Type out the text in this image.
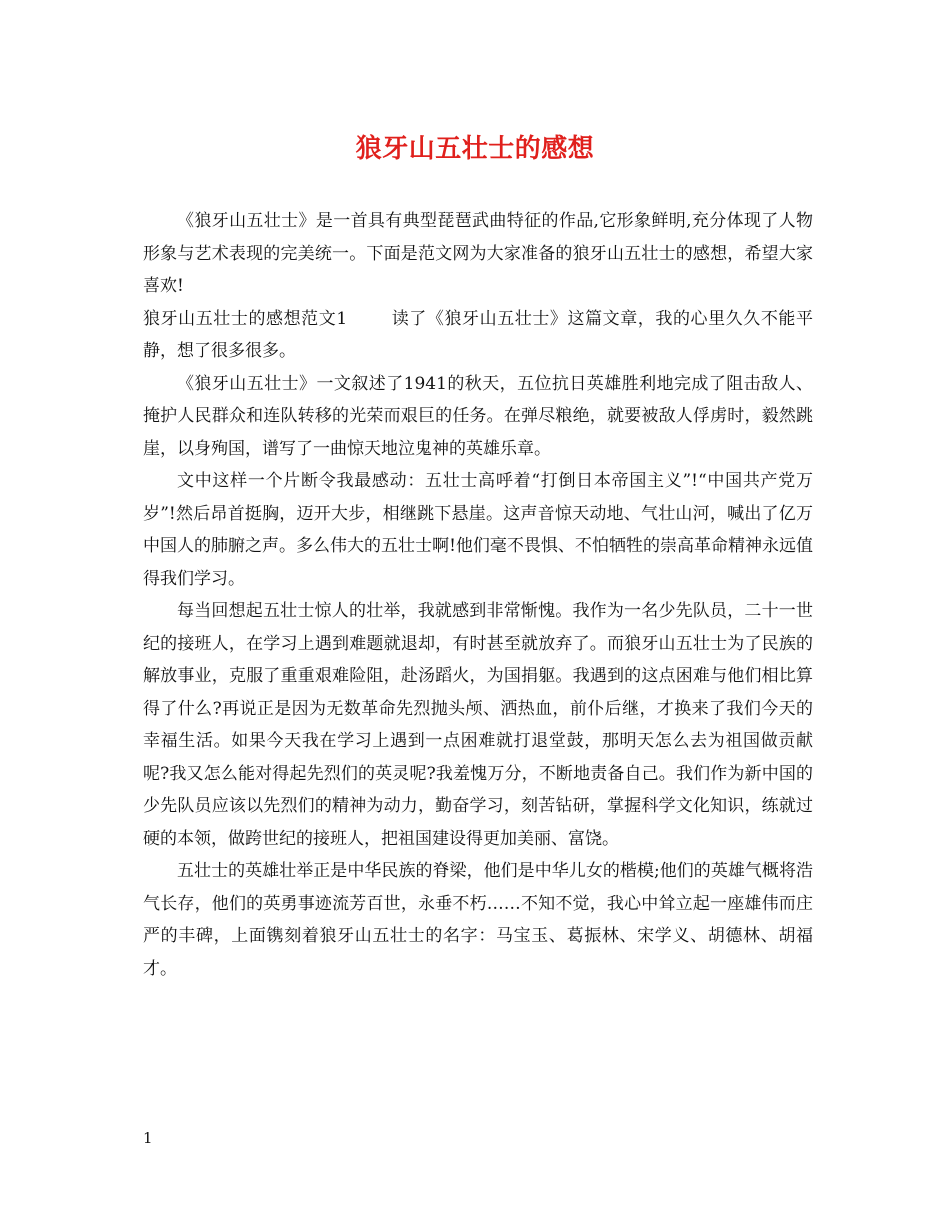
狼牙山五壮士的感想

《狼牙山五壮士》是一首具有典型琵琶武曲特征的作品,它形象鲜明,充分体现了人物形象与艺术表现的完美统一。下面是范文网为大家准备的狼牙山五壮士的感想，希望大家喜欢!

狼牙山五壮士的感想范文1	读了《狼牙山五壮士》这篇文章，我的心里久久不能平静，想了很多很多。

《狼牙山五壮士》一文叙述了1941的秋天，五位抗日英雄胜利地完成了阻击敌人、掩护人民群众和连队转移的光荣而艰巨的任务。在弹尽粮绝，就要被敌人俘虏时，毅然跳崖，以身殉国，谱写了一曲惊天地泣鬼神的英雄乐章。

文中这样一个片断令我最感动：五壮士高呼着“打倒日本帝国主义”!“中国共产党万岁”!然后昂首挺胸，迈开大步，相继跳下悬崖。这声音惊天动地、气壮山河，喊出了亿万中国人的肺腑之声。多么伟大的五壮士啊!他们毫不畏惧、不怕牺牲的崇高革命精神永远值得我们学习。

每当回想起五壮士惊人的壮举，我就感到非常惭愧。我作为一名少先队员，二十一世纪的接班人，在学习上遇到难题就退却，有时甚至就放弃了。而狼牙山五壮士为了民族的解放事业，克服了重重艰难险阻，赴汤蹈火，为国捐躯。我遇到的这点困难与他们相比算得了什么?再说正是因为无数革命先烈抛头颅、洒热血，前仆后继，才换来了我们今天的幸福生活。如果今天我在学习上遇到一点困难就打退堂鼓，那明天怎么去为祖国做贡献呢?我又怎么能对得起先烈们的英灵呢?我羞愧万分，不断地责备自己。我们作为新中国的少先队员应该以先烈们的精神为动力，勤奋学习，刻苦钻研，掌握科学文化知识，练就过硬的本领，做跨世纪的接班人，把祖国建设得更加美丽、富饶。

五壮士的英雄壮举正是中华民族的脊梁，他们是中华儿女的楷模;他们的英雄气概将浩气长存，他们的英勇事迹流芳百世，永垂不朽……不知不觉，我心中耸立起一座雄伟而庄严的丰碑，上面镌刻着狼牙山五壮士的名字：马宝玉、葛振林、宋学义、胡德林、胡福才。

1
